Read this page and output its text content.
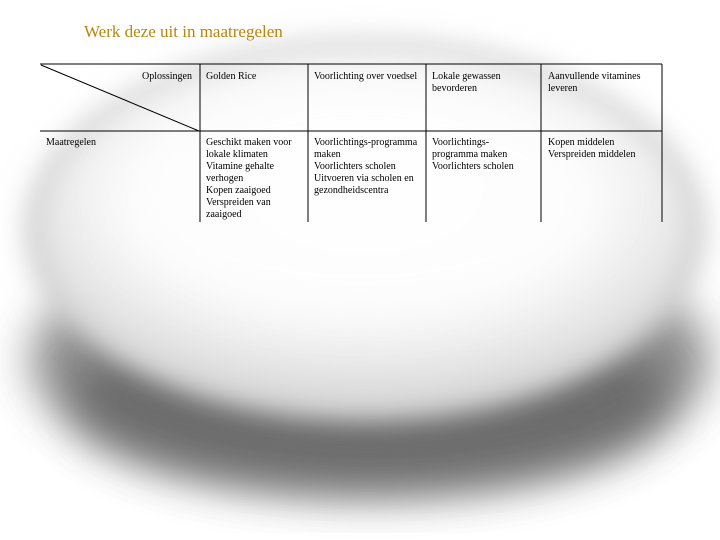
Werk deze uit in maatregelen
Oplossingen
Maatregelen
Golden Rice	Voorlichting over voedsel	Lokale gewassen bevorderen
Aanvullende vitamines leveren
Geschikt maken voor lokale klimaten
Vitamine gehalte verhogen
Kopen zaaigoed
Verspreiden van zaaigoed
Voorlichtings-programma maken
Voorlichters scholen
Uitvoeren via scholen en gezondheidscentra
Voorlichtings-programma maken
Voorlichters scholen
Kopen middelen
Verspreiden middelen
